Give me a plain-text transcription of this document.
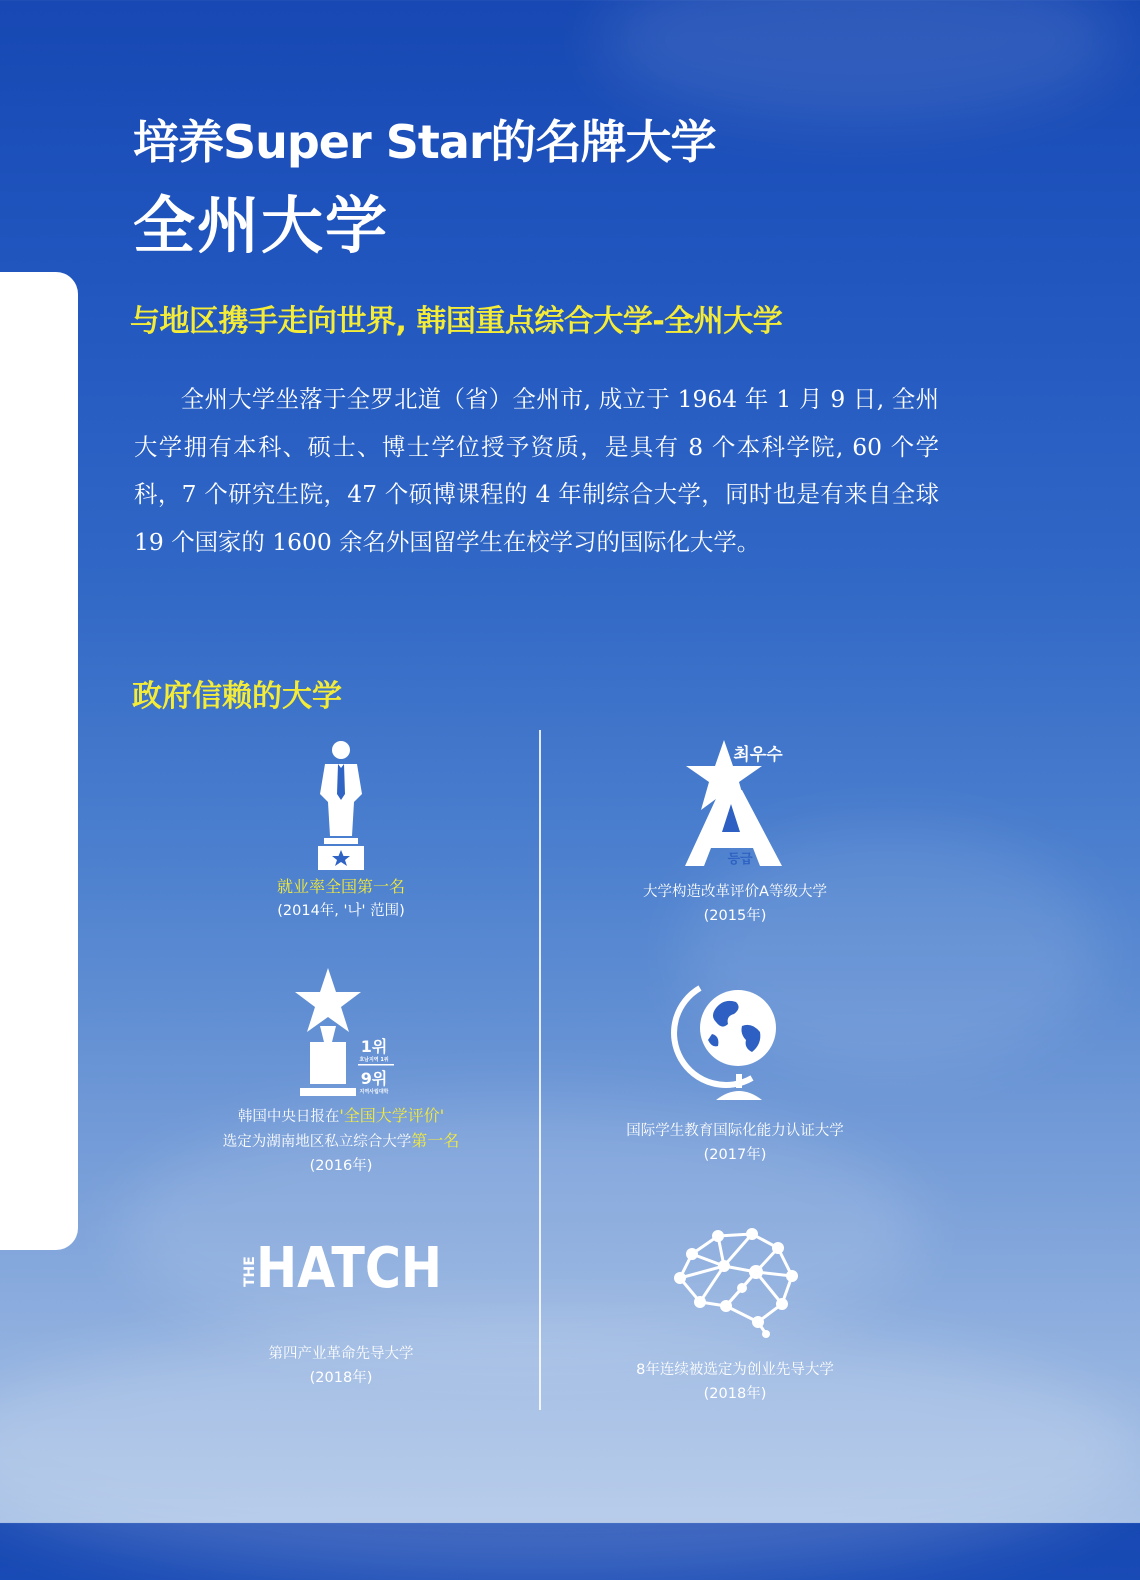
培养Super Star的名牌大学
全州大学
与地区携手走向世界, 韩国重点综合大学-全州大学

全州大学坐落于全罗北道（省）全州市, 成立于 1964 年 1 月 9 日, 全州大学拥有本科、硕士、博士学位授予资质，是具有 8 个本科学院, 60 个学科，7 个研究生院，47 个硕博课程的 4 年制综合大学，同时也是有来自全球 19 个国家的 1600 余名外国留学生在校学习的国际化大学。

政府信赖的大学
就业率全国第一名
(2014年, '나' 范围)
최우수
등급
大学构造改革评价A等级大学
(2015年)
1위
호남지역 1위
9위
지역사립대학
韩国中央日报在'全国大学评价'
选定为湖南地区私立综合大学第一名
(2016年)
国际学生教育国际化能力认证大学
(2017年)
THE
HATCH
第四产业革命先导大学
(2018年)	8年连续被选定为创业先导大学
(2018年)
